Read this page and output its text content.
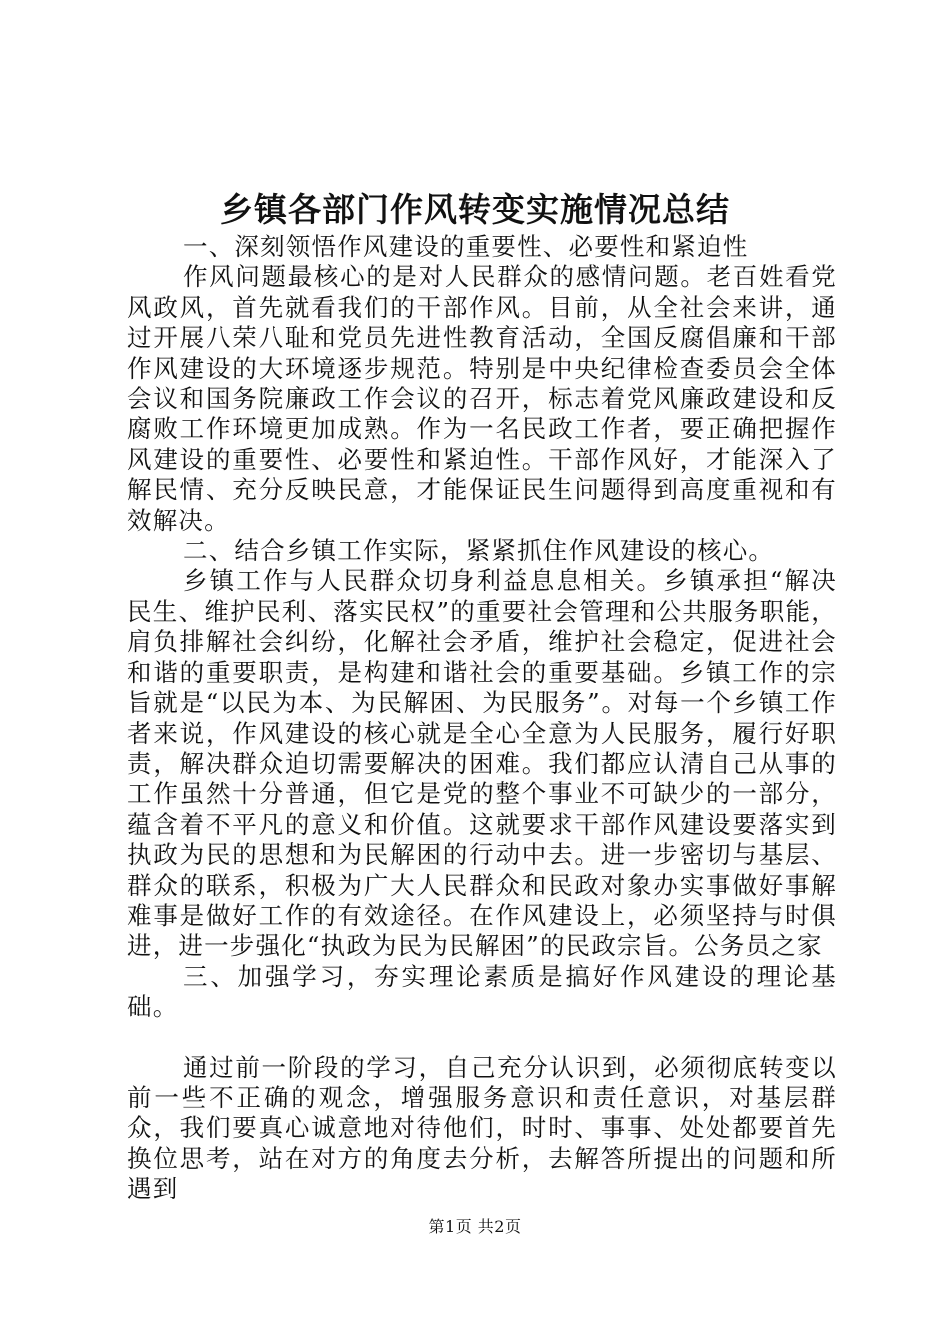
乡镇各部门作风转变实施情况总结

一、深刻领悟作风建设的重要性、必要性和紧迫性

作风问题最核心的是对人民群众的感情问题。老百姓看党风政风，首先就看我们的干部作风。目前，从全社会来讲，通过开展八荣八耻和党员先进性教育活动，全国反腐倡廉和干部作风建设的大环境逐步规范。特别是中央纪律检查委员会全体会议和国务院廉政工作会议的召开，标志着党风廉政建设和反腐败工作环境更加成熟。作为一名民政工作者，要正确把握作风建设的重要性、必要性和紧迫性。干部作风好，才能深入了解民情、充分反映民意，才能保证民生问题得到高度重视和有效解决。

二、结合乡镇工作实际，紧紧抓住作风建设的核心。

乡镇工作与人民群众切身利益息息相关。乡镇承担“解决民生、维护民利、落实民权”的重要社会管理和公共服务职能，肩负排解社会纠纷，化解社会矛盾，维护社会稳定，促进社会和谐的重要职责，是构建和谐社会的重要基础。乡镇工作的宗旨就是“以民为本、为民解困、为民服务”。对每一个乡镇工作者来说，作风建设的核心就是全心全意为人民服务，履行好职责，解决群众迫切需要解决的困难。我们都应认清自己从事的工作虽然十分普通，但它是党的整个事业不可缺少的一部分，蕴含着不平凡的意义和价值。这就要求干部作风建设要落实到执政为民的思想和为民解困的行动中去。进一步密切与基层、群众的联系，积极为广大人民群众和民政对象办实事做好事解难事是做好工作的有效途径。在作风建设上，必须坚持与时俱进，进一步强化“执政为民为民解困”的民政宗旨。公务员之家

三、加强学习，夯实理论素质是搞好作风建设的理论基础。

通过前一阶段的学习，自己充分认识到，必须彻底转变以前一些不正确的观念，增强服务意识和责任意识，对基层群众，我们要真心诚意地对待他们，时时、事事、处处都要首先换位思考，站在对方的角度去分析，去解答所提出的问题和所遇到

第1页 共2页
